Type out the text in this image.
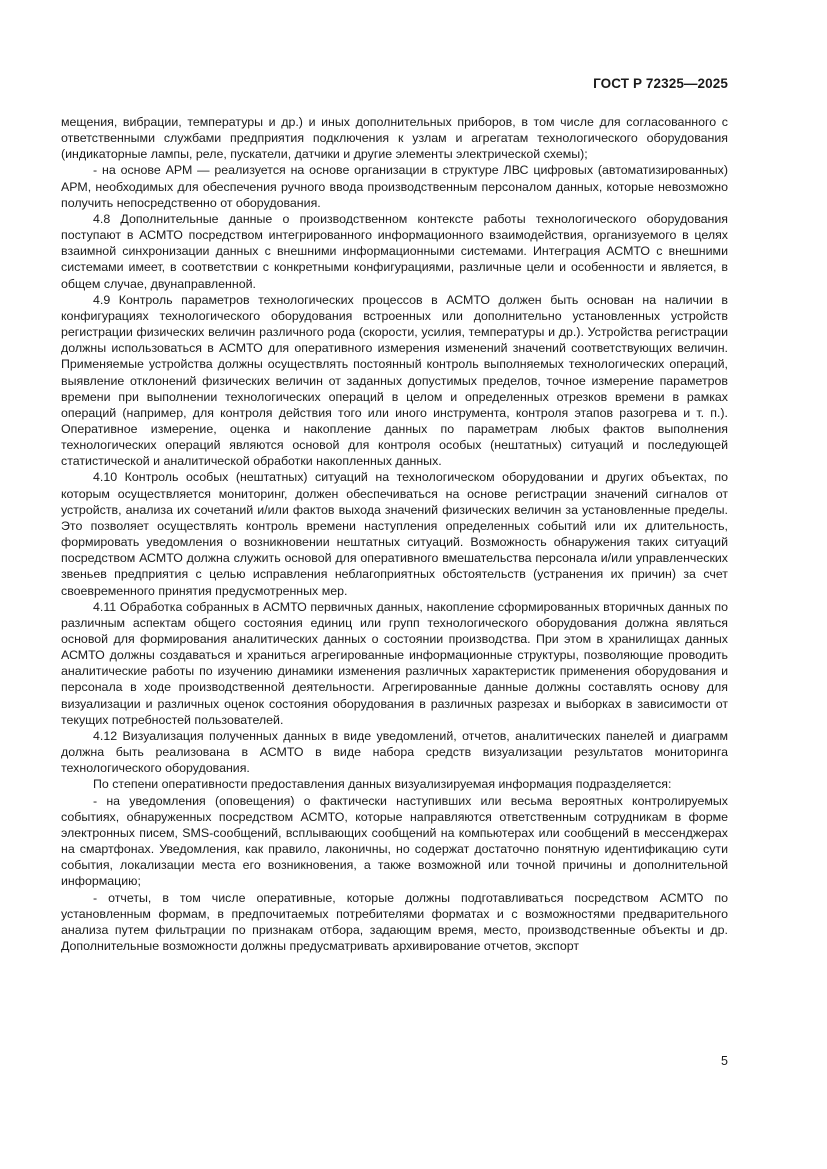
ГОСТ Р 72325—2025

мещения, вибрации, температуры и др.) и иных дополнительных приборов, в том числе для согласованного с ответственными службами предприятия подключения к узлам и агрегатам технологического оборудования (индикаторные лампы, реле, пускатели, датчики и другие элементы электрической схемы);

- на основе АРМ — реализуется на основе организации в структуре ЛВС цифровых (автоматизированных) АРМ, необходимых для обеспечения ручного ввода производственным персоналом данных, которые невозможно получить непосредственно от оборудования.

4.8 Дополнительные данные о производственном контексте работы технологического оборудования поступают в АСМТО посредством интегрированного информационного взаимодействия, организуемого в целях взаимной синхронизации данных с внешними информационными системами. Интеграция АСМТО с внешними системами имеет, в соответствии с конкретными конфигурациями, различные цели и особенности и является, в общем случае, двунаправленной.

4.9 Контроль параметров технологических процессов в АСМТО должен быть основан на наличии в конфигурациях технологического оборудования встроенных или дополнительно установленных устройств регистрации физических величин различного рода (скорости, усилия, температуры и др.). Устройства регистрации должны использоваться в АСМТО для оперативного измерения изменений значений соответствующих величин. Применяемые устройства должны осуществлять постоянный контроль выполняемых технологических операций, выявление отклонений физических величин от заданных допустимых пределов, точное измерение параметров времени при выполнении технологических операций в целом и определенных отрезков времени в рамках операций (например, для контроля действия того или иного инструмента, контроля этапов разогрева и т. п.). Оперативное измерение, оценка и накопление данных по параметрам любых фактов выполнения технологических операций являются основой для контроля особых (нештатных) ситуаций и последующей статистической и аналитической обработки накопленных данных.

4.10 Контроль особых (нештатных) ситуаций на технологическом оборудовании и других объектах, по которым осуществляется мониторинг, должен обеспечиваться на основе регистрации значений сигналов от устройств, анализа их сочетаний и/или фактов выхода значений физических величин за установленные пределы. Это позволяет осуществлять контроль времени наступления определенных событий или их длительность, формировать уведомления о возникновении нештатных ситуаций. Возможность обнаружения таких ситуаций посредством АСМТО должна служить основой для оперативного вмешательства персонала и/или управленческих звеньев предприятия с целью исправления неблагоприятных обстоятельств (устранения их причин) за счет своевременного принятия предусмотренных мер.

4.11 Обработка собранных в АСМТО первичных данных, накопление сформированных вторичных данных по различным аспектам общего состояния единиц или групп технологического оборудования должна являться основой для формирования аналитических данных о состоянии производства. При этом в хранилищах данных АСМТО должны создаваться и храниться агрегированные информационные структуры, позволяющие проводить аналитические работы по изучению динамики изменения различных характеристик применения оборудования и персонала в ходе производственной деятельности. Агрегированные данные должны составлять основу для визуализации и различных оценок состояния оборудования в различных разрезах и выборках в зависимости от текущих потребностей пользователей.

4.12 Визуализация полученных данных в виде уведомлений, отчетов, аналитических панелей и диаграмм должна быть реализована в АСМТО в виде набора средств визуализации результатов мониторинга технологического оборудования.

По степени оперативности предоставления данных визуализируемая информация подразделяется:

- на уведомления (оповещения) о фактически наступивших или весьма вероятных контролируемых событиях, обнаруженных посредством АСМТО, которые направляются ответственным сотрудникам в форме электронных писем, SMS-сообщений, всплывающих сообщений на компьютерах или сообщений в мессенджерах на смартфонах. Уведомления, как правило, лаконичны, но содержат достаточно понятную идентификацию сути события, локализации места его возникновения, а также возможной или точной причины и дополнительной информацию;

- отчеты, в том числе оперативные, которые должны подготавливаться посредством АСМТО по установленным формам, в предпочитаемых потребителями форматах и с возможностями предварительного анализа путем фильтрации по признакам отбора, задающим время, место, производственные объекты и др. Дополнительные возможности должны предусматривать архивирование отчетов, экспорт

5
